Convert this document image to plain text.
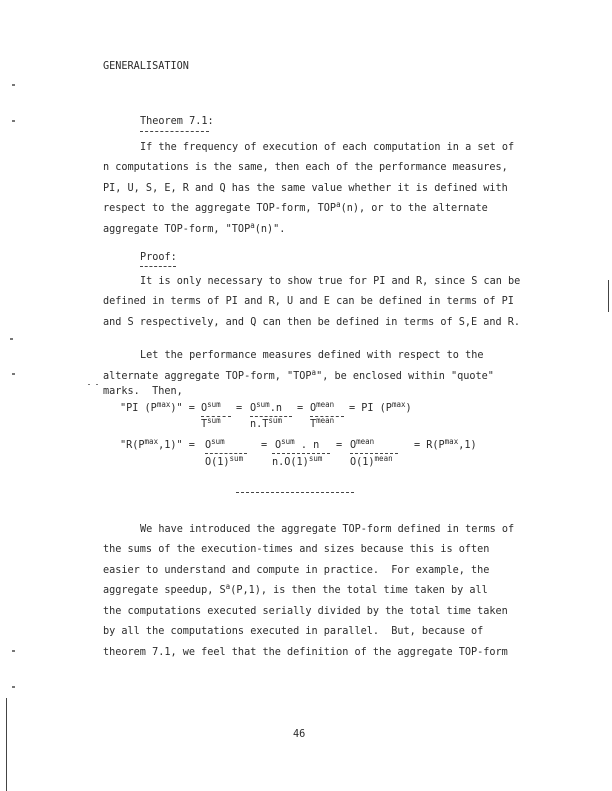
GENERALISATION
Theorem 7.1:
If the frequency of execution of each computation in a set of
n computations is the same, then each of the performance measures,
PI, U, S, E, R and Q has the same value whether it is defined with
respect to the aggregate TOP-form, TOP$^a$(n), or to the alternate
aggregate TOP-form, "TOP$^a$(n)".
Proof:
It is only necessary to show true for PI and R, since S can be
defined in terms of PI and R, U and E can be defined in terms of PI
and S respectively, and Q can then be defined in terms of S,E and R.
Let the performance measures defined with respect to the
alternate aggregate TOP-form, "TOP$^a$", be enclosed within "quote"
marks.  Then,
"PI $(P^{max})$" = $O^{sum}$
$T^{sum}$
= $O^{sum}.n$
$n.T^{sum}$
= $O^{mean}$
$T^{mean}$
= PI $(P^{max})$
"$R(P^{max},1)$" = $O^{sum}$
$O(1)^{sum}$
= $O^{sum}$ . n
$n.O(1)^{sum}$
= $O^{mean}$
$O(1)^{mean}$
= $R(P^{max},1)$
We have introduced the aggregate TOP-form defined in terms of
the sums of the execution-times and sizes because this is often
easier to understand and compute in practice.  For example, the
aggregate speedup, $S^a(P,1)$, is then the total time taken by all
the computations executed serially divided by the total time taken
by all the computations executed in parallel.  But, because of
theorem 7.1, we feel that the definition of the aggregate TOP-form
46
